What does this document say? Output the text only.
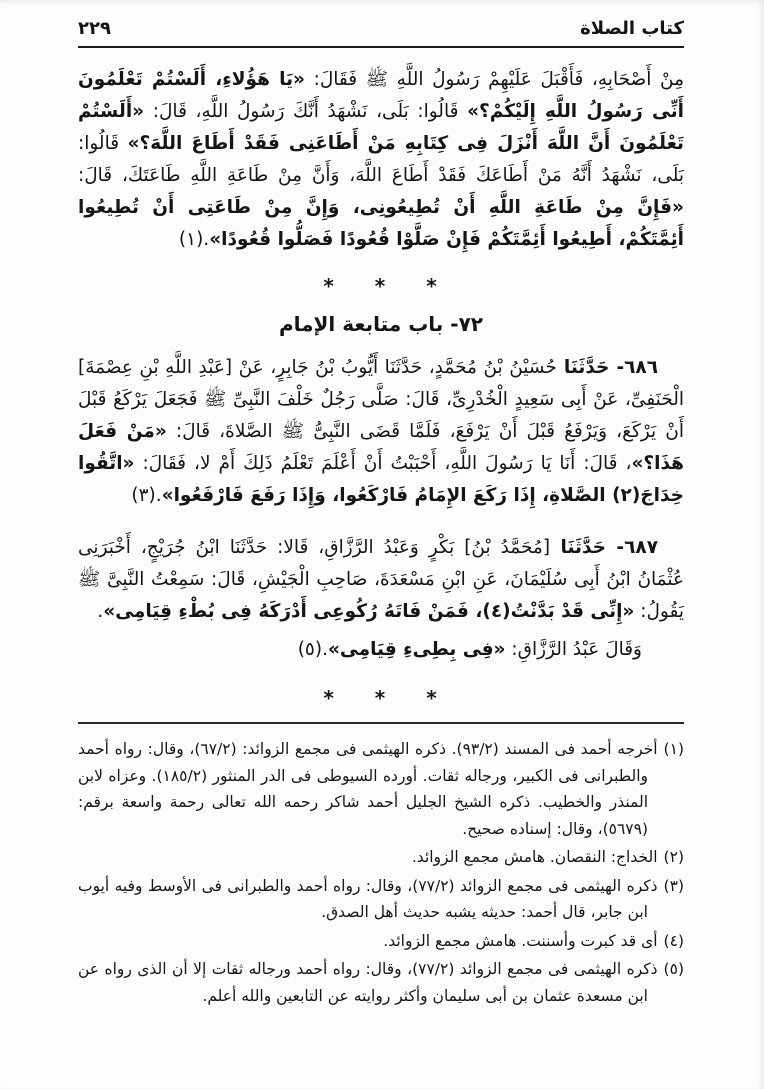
كتاب الصلاة
٢٢٩

مِنْ أَصْحَابِهِ، فَأَقْبَلَ عَلَيْهِمْ رَسُولُ اللَّهِ ﷺ فَقَالَ: «يَا هَؤُلاءِ، أَلَسْتُمْ تَعْلَمُونَ أَنِّى رَسُولُ اللَّهِ إِلَيْكُمْ؟» قَالُوا: بَلَى، نَشْهَدُ أَنَّكَ رَسُولُ اللَّهِ، قَالَ: «أَلَسْتُمْ تَعْلَمُونَ أَنَّ اللَّهَ أَنْزَلَ فِى كِتَابِهِ مَنْ أَطَاعَنِى فَقَدْ أَطَاعَ اللَّهَ؟» قَالُوا: بَلَى، نَشْهَدُ أَنَّهُ مَنْ أَطَاعَكَ فَقَدْ أَطَاعَ اللَّهَ، وَأَنَّ مِنْ طَاعَةِ اللَّهِ طَاعَتَكَ، قَالَ: «فَإِنَّ مِنْ طَاعَةِ اللَّهِ أَنْ تُطِيعُونِى، وَإِنَّ مِنْ طَاعَتِى أَنْ تُطِيعُوا أَئِمَّتَكُمْ، أَطِيعُوا أَئِمَّتَكُمْ فَإِنْ صَلَّوْا قُعُودًا فَصَلُّوا قُعُودًا».(١)

* * *
٧٢- باب متابعة الإمام

٦٨٦- حَدَّثَنَا حُسَيْنُ بْنُ مُحَمَّدٍ، حَدَّثَنَا أَيُّوبُ بْنُ جَابِرٍ، عَنْ [عَبْدِ اللَّهِ بْنِ عِصْمَةَ] الْحَنَفِىِّ، عَنْ أَبِى سَعِيدٍ الْخُدْرِىِّ، قَالَ: صَلَّى رَجُلٌ خَلْفَ النَّبِىِّ ﷺ فَجَعَلَ يَرْكَعُ قَبْلَ أَنْ يَرْكَعَ، وَيَرْفَعُ قَبْلَ أَنْ يَرْفَعَ، فَلَمَّا قَضَى النَّبِىُّ ﷺ الصَّلاةَ، قَالَ: «مَنْ فَعَلَ هَذَا؟»، قَالَ: أَنَا يَا رَسُولَ اللَّهِ، أَحْبَبْتُ أَنْ أَعْلَمَ تَعْلَمُ ذَلِكَ أَمْ لا، فَقَالَ: «اتَّقُوا خِدَاجَ(٢) الصَّلاةِ، إِذَا رَكَعَ الإِمَامُ فَارْكَعُوا، وَإِذَا رَفَعَ فَارْفَعُوا».(٣)

٦٨٧- حَدَّثَنَا [مُحَمَّدُ بْنُ] بَكْرٍ وَعَبْدُ الرَّزَّاقِ، قَالا: حَدَّثَنَا ابْنُ جُرَيْجٍ، أَخْبَرَنِى عُثْمَانُ ابْنُ أَبِى سُلَيْمَانَ، عَنِ ابْنِ مَسْعَدَةَ، صَاحِبِ الْجَيْشِ، قَالَ: سَمِعْتُ النَّبِىَّ ﷺ يَقُولُ: «إِنِّى قَدْ بَدَّنْتُ(٤)، فَمَنْ فَاتَهُ رُكُوعِى أَدْرَكَهُ فِى بُطْءِ قِيَامِى».

وَقَالَ عَبْدُ الرَّزَّاقِ: «فِى بِطِىءِ قِيَامِى».(٥)

* * *
(١)أخرجه أحمد فى المسند (٩٣/٢). ذكره الهيثمى فى مجمع الزوائد: (٦٧/٢)، وقال: رواه أحمد والطبرانى فى الكبير، ورجاله ثقات. أورده السيوطى فى الدر المنثور (١٨٥/٢). وعزاه لابن المنذر والخطيب. ذكره الشيخ الجليل أحمد شاكر رحمه الله تعالى رحمة واسعة برقم: (٥٦٧٩)، وقال: إسناده صحيح.
(٢)الخداج: النقصان. هامش مجمع الزوائد.
(٣)ذكره الهيثمى فى مجمع الزوائد (٧٧/٢)، وقال: رواه أحمد والطبرانى فى الأوسط وفيه أيوب ابن جابر، قال أحمد: حديثه يشبه حديث أهل الصدق.
(٤)أى قد كبرت وأسننت. هامش مجمع الزوائد.
(٥)ذكره الهيثمى فى مجمع الزوائد (٧٧/٢)، وقال: رواه أحمد ورجاله ثقات إلا أن الذى رواه عن ابن مسعدة عثمان بن أبى سليمان وأكثر روايته عن التابعين والله أعلم.
